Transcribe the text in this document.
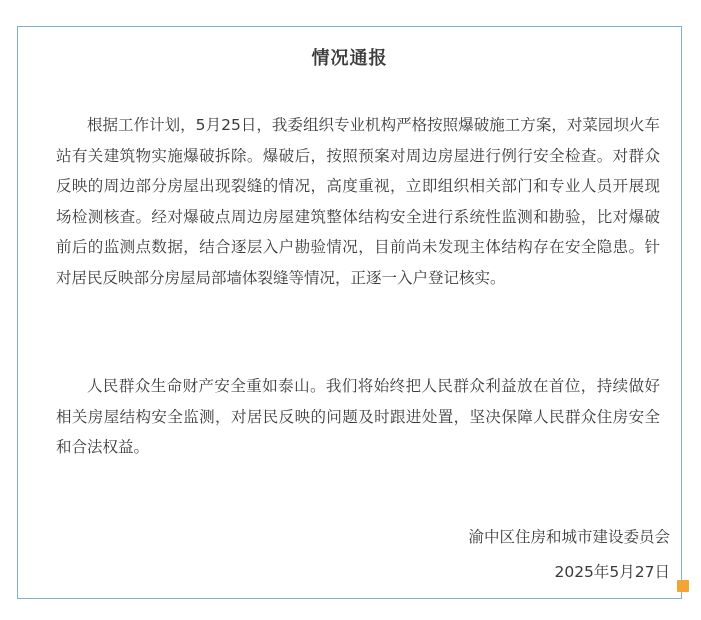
情况通报

根据工作计划，5月25日，我委组织专业机构严格按照爆破施工方案，对菜园坝火车站有关建筑物实施爆破拆除。爆破后，按照预案对周边房屋进行例行安全检查。对群众反映的周边部分房屋出现裂缝的情况，高度重视，立即组织相关部门和专业人员开展现场检测核查。经对爆破点周边房屋建筑整体结构安全进行系统性监测和勘验，比对爆破前后的监测点数据，结合逐层入户勘验情况，目前尚未发现主体结构存在安全隐患。针对居民反映部分房屋局部墙体裂缝等情况，正逐一入户登记核实。

人民群众生命财产安全重如泰山。我们将始终把人民群众利益放在首位，持续做好相关房屋结构安全监测，对居民反映的问题及时跟进处置，坚决保障人民群众住房安全和合法权益。

渝中区住房和城市建设委员会
2025年5月27日
